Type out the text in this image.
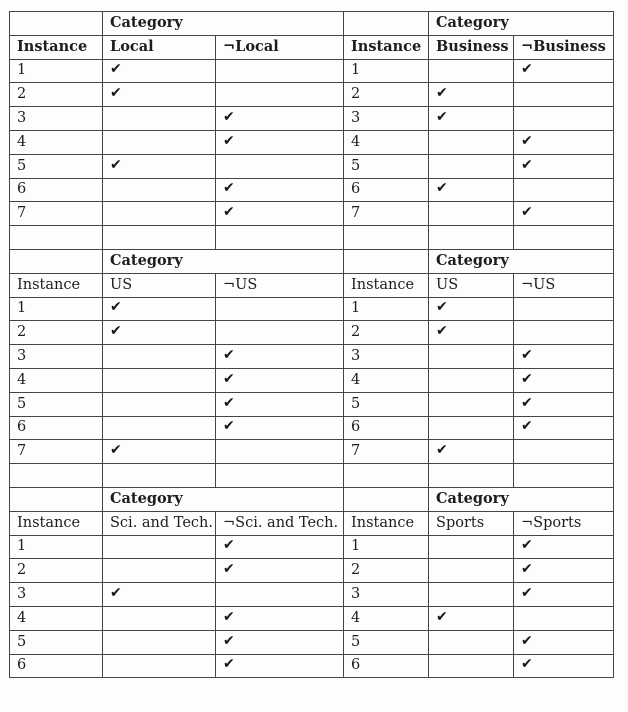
	Category			Category	
Instance	Local	¬Local	Instance	Business	¬Business
1	✔		1		✔
2	✔		2	✔	
3		✔	3	✔	
4		✔	4		✔
5	✔		5		✔
6		✔	6	✔	
7		✔	7		✔

	Category			Category	
Instance	US	¬US	Instance	US	¬US
1	✔		1	✔	
2	✔		2	✔	
3		✔	3		✔
4		✔	4		✔
5		✔	5		✔
6		✔	6		✔
7	✔		7	✔	

	Category			Category	
Instance	Sci. and Tech.	¬Sci. and Tech.	Instance	Sports	¬Sports
1		✔	1		✔
2		✔	2		✔
3	✔		3		✔
4		✔	4	✔	
5		✔	5		✔
6		✔	6		✔
